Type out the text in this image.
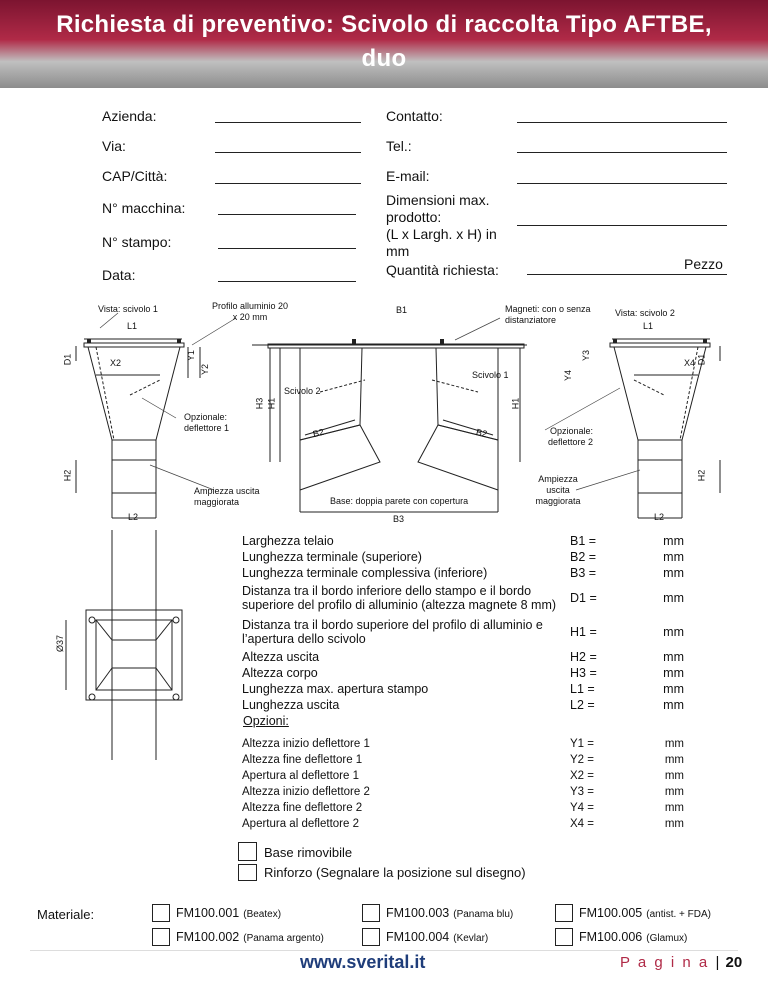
Richiesta di preventivo: Scivolo di raccolta Tipo AFTBE, duo
Azienda:	Contatto:
Via:	Tel.:
CAP/Città:	E-mail:
N° macchina:	Dimensioni max. prodotto:
N° stampo:	(L x Largh. x H) in mm
Data:	Quantità richiesta:	Pezzo
Vista: scivolo 1	Profilo alluminio 20 x 20 mm
B1	Magneti: con o senza distanziatore
Vista: scivolo 2
L1	L1
D1	D1
X2
Y1
Y2
Y3
Y4
X4
H3 H1	H1
Scivolo 2
Scivolo 1
Opzionale: deflettore 1	Opzionale: deflettore 2
B2	B2
H2	H2
Ampiezza uscita maggiorata
Ampiezza uscita maggiorata
Base: doppia parete con copertura
L2	L2
B3
Ø37
Larghezza telaio	B1 =	mm
Lunghezza terminale (superiore)	B2 =	mm
Lunghezza terminale complessiva (inferiore)	B3 =	mm
Distanza tra il bordo inferiore dello stampo e il bordo superiore del profilo di alluminio (altezza magnete 8 mm)	D1 =	mm
Distanza tra il bordo superiore del profilo di alluminio e l’apertura dello scivolo	H1 =	mm
Altezza uscita	H2 =	mm
Altezza corpo	H3 =	mm
Lunghezza max. apertura stampo	L1 =	mm
Lunghezza uscita	L2 =	mm
Opzioni:
Altezza inizio deflettore 1	Y1 =	mm
Altezza fine deflettore 1	Y2 =	mm
Apertura al deflettore 1	X2 =	mm
Altezza inizio deflettore 2	Y3 =	mm
Altezza fine deflettore 2	Y4 =	mm
Apertura al deflettore 2	X4 =	mm
Base rimovibile
Rinforzo (Segnalare la posizione sul disegno)
Materiale:	FM100.001 (Beatex)	FM100.003 (Panama blu)	FM100.005 (antist. + FDA)
FM100.002 (Panama argento)	FM100.004 (Kevlar)	FM100.006 (Glamux)
www.sverital.it	P a g i n a | 20
